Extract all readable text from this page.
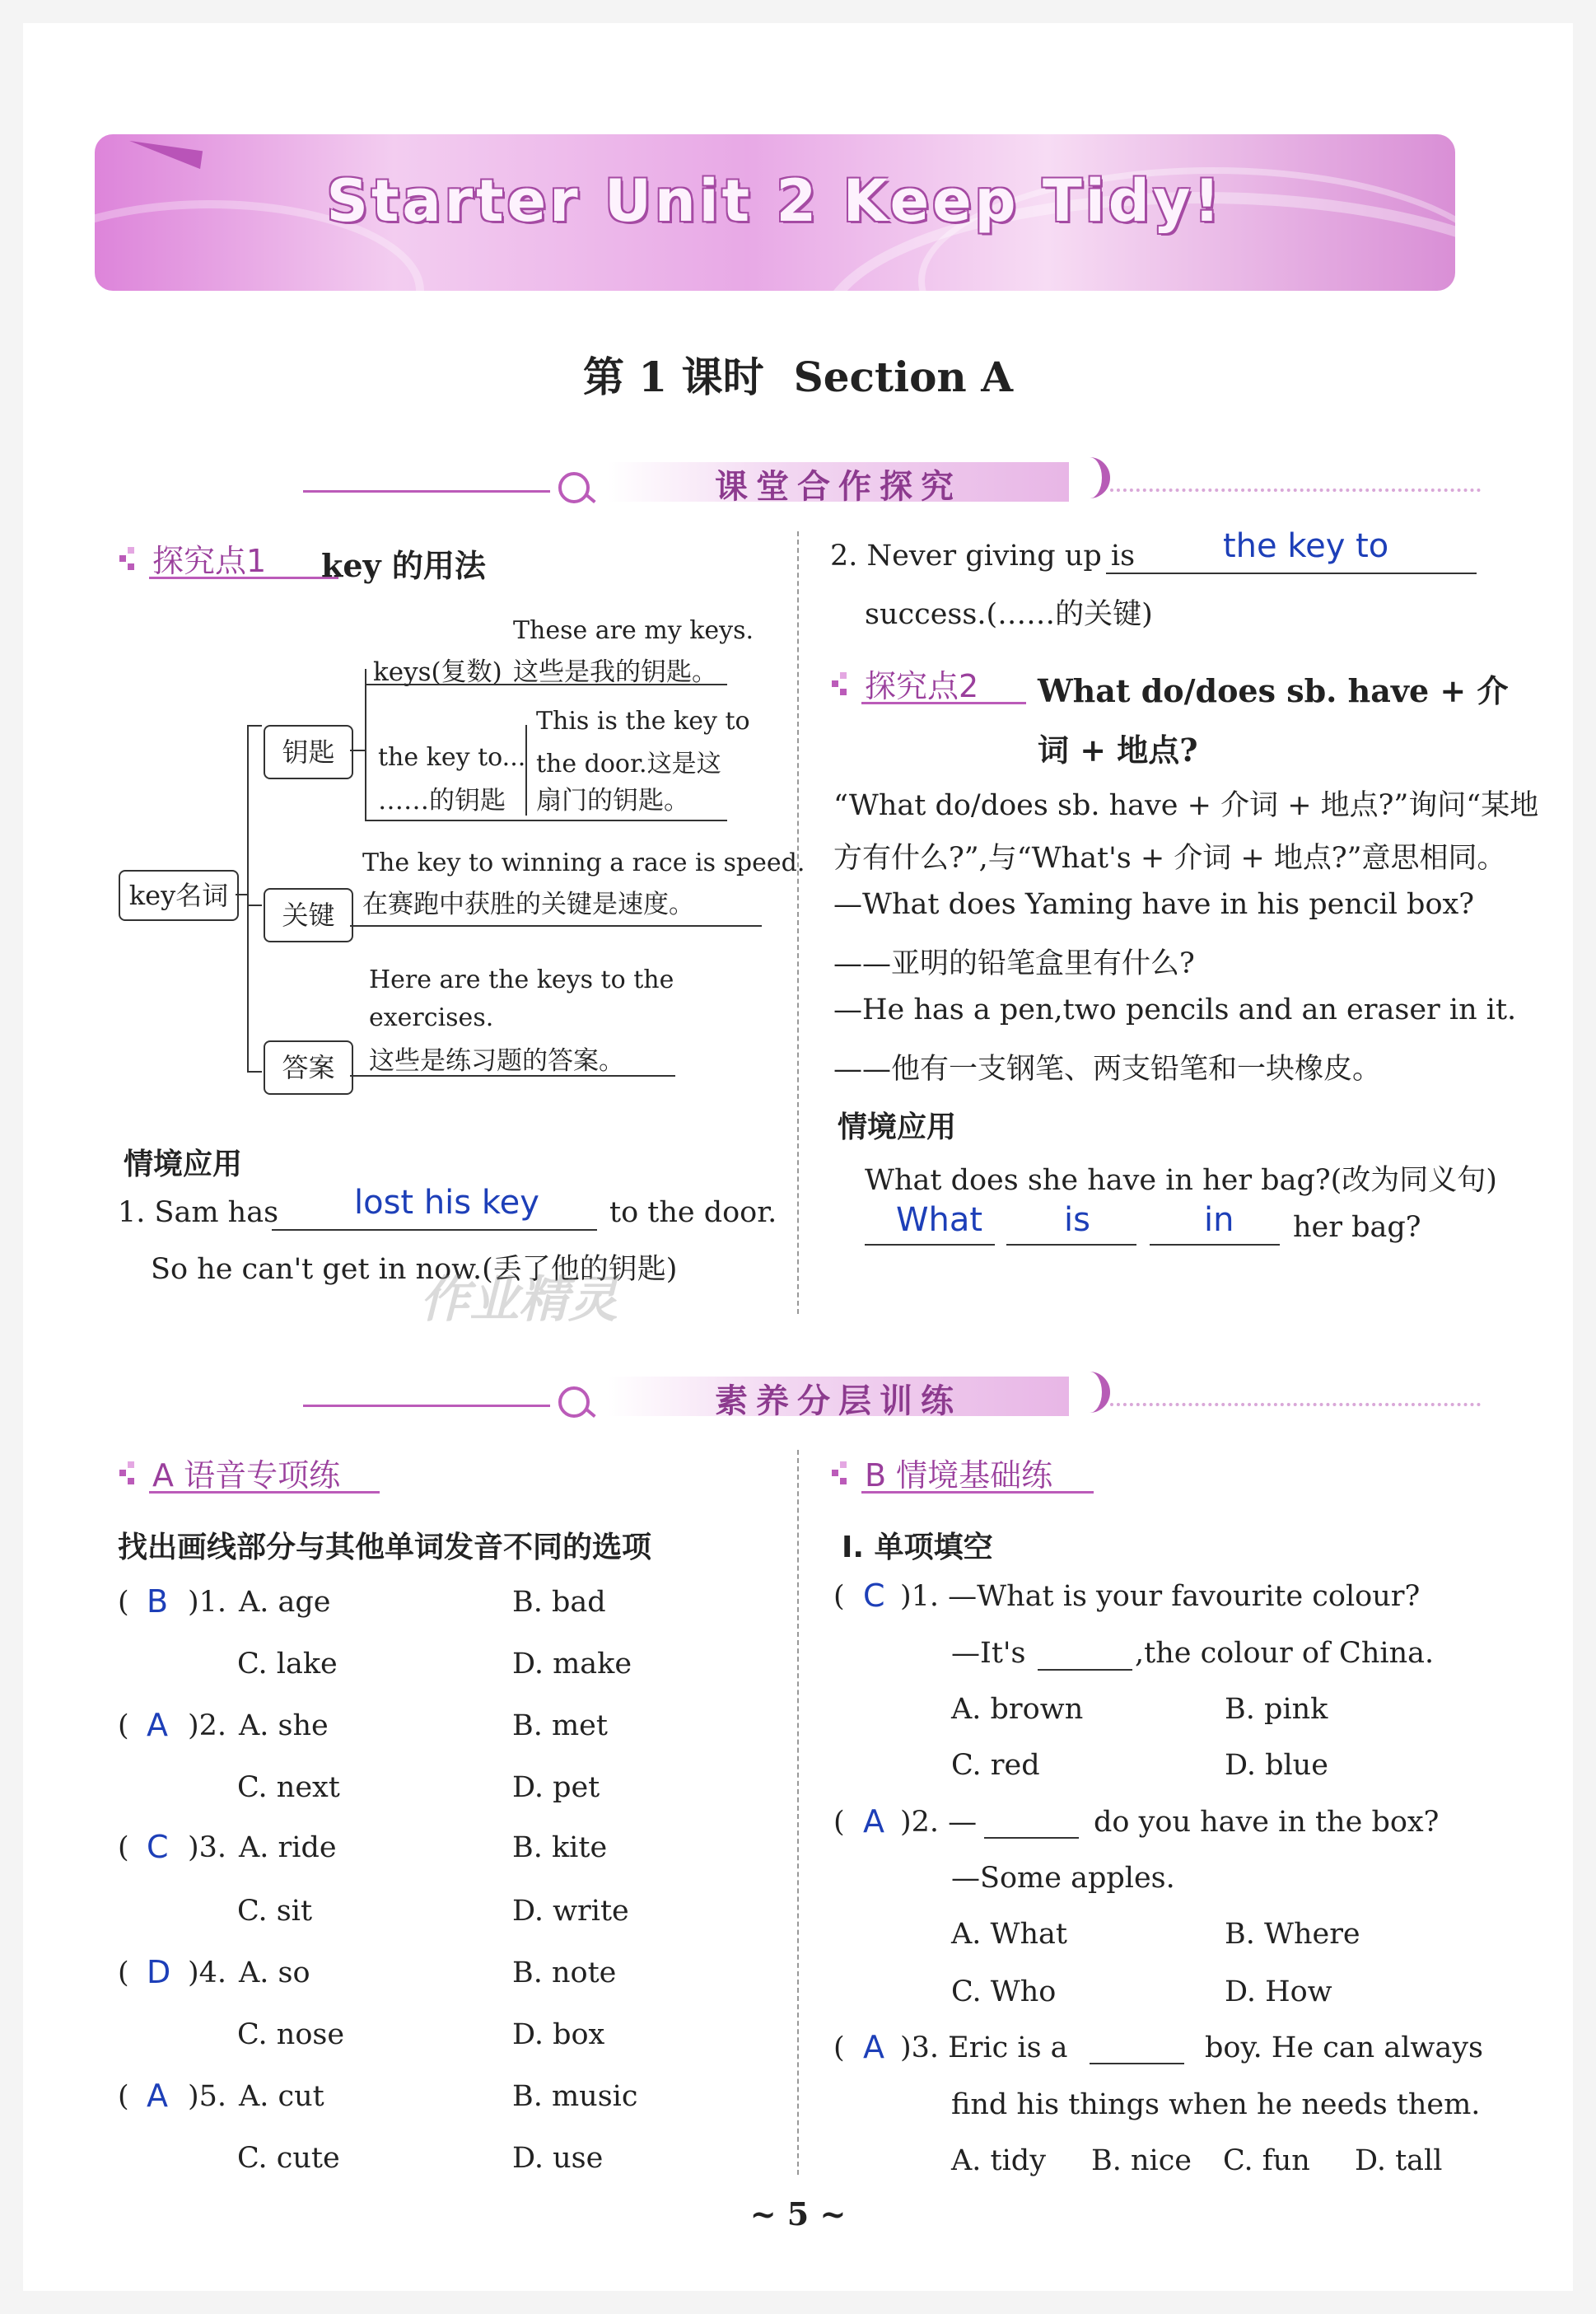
Starter Unit 2 Keep Tidy!
第 1 课时 Section A
课堂合作探究
探究点1 key 的用法
key名词
钥匙
关键
答案
These are my keys.
keys(复数) 这些是我的钥匙。
This is the key to
the key to... the door.这是这
……的钥匙 扇门的钥匙。
The key to winning a race is speed.
在赛跑中获胜的关键是速度。
Here are the keys to the
exercises.
这些是练习题的答案。
情境应用
1. Sam has lost his key to the door.
So he can't get in now.(丢了他的钥匙)
2. Never giving up is	the key to
success.(……的关键)
探究点2 What do/does sb. have + 介
词 + 地点?
“What do/does sb. have + 介词 + 地点?”询问“某地
方有什么?”,与“What's + 介词 + 地点?”意思相同。
—What does Yaming have in his pencil box?
——亚明的铅笔盒里有什么?
—He has a pen,two pencils and an eraser in it.
——他有一支钢笔、两支铅笔和一块橡皮。
情境应用
What does she have in her bag?(改为同义句)
What is	in her bag?
作业精灵
素养分层训练
A 语音专项练
找出画线部分与其他单词发音不同的选项
( B )1. A. age	B. bad
C. lake	D. make
( A )2. A. she	B. met
C. next	D. pet
( C )3. A. ride	B. kite
C. sit	D. write
( D )4. A. so	B. note
C. nose	D. box
( A )5. A. cut	B. music
C. cute	D. use
B 情境基础练
Ⅰ. 单项填空
( C )1. —What is your favourite colour?
—It's	,the colour of China.
A. brown	B. pink
C. red	D. blue
( A )2. —	do you have in the box?
—Some apples.
A. What	B. Where
C. Who	D. How
( A )3. Eric is a	boy. He can always
find his things when he needs them.
A. tidy B. nice C. fun D. tall
~ 5 ~
